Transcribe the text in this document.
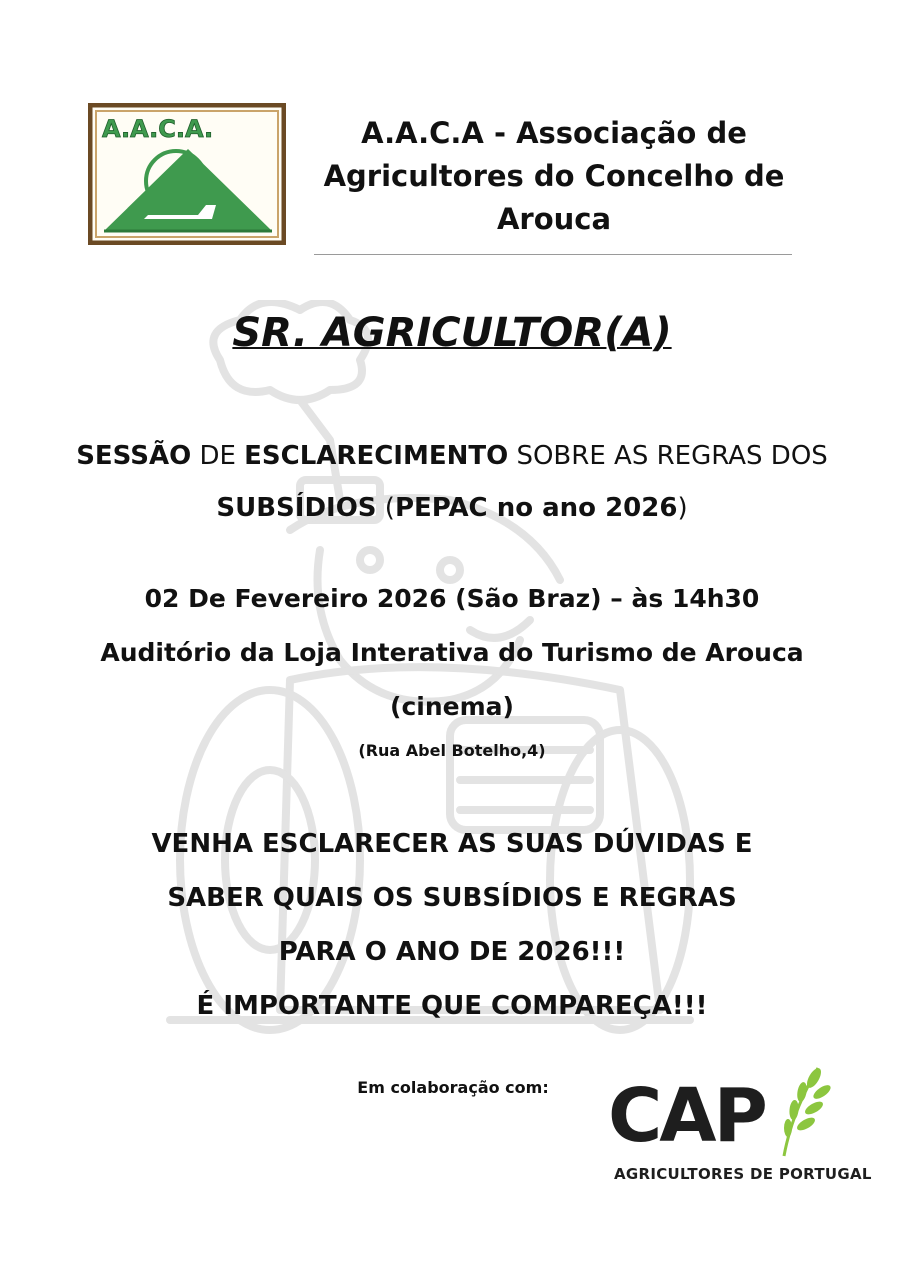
A.A.C.A.	A.A.C.A - Associação de Agricultores do Concelho de Arouca
SR. AGRICULTOR(A)
SESSÃO DE ESCLARECIMENTO SOBRE AS REGRAS DOS SUBSÍDIOS (PEPAC no ano 2026)
02 De Fevereiro 2026 (São Braz) – às 14h30
Auditório da Loja Interativa do Turismo de Arouca (cinema)
(Rua Abel Botelho,4)
VENHA ESCLARECER AS SUAS DÚVIDAS E
SABER QUAIS OS SUBSÍDIOS E REGRAS
PARA O ANO DE 2026!!!
É IMPORTANTE QUE COMPAREÇA!!!
Em colaboração com: CAP
AGRICULTORES DE PORTUGAL
